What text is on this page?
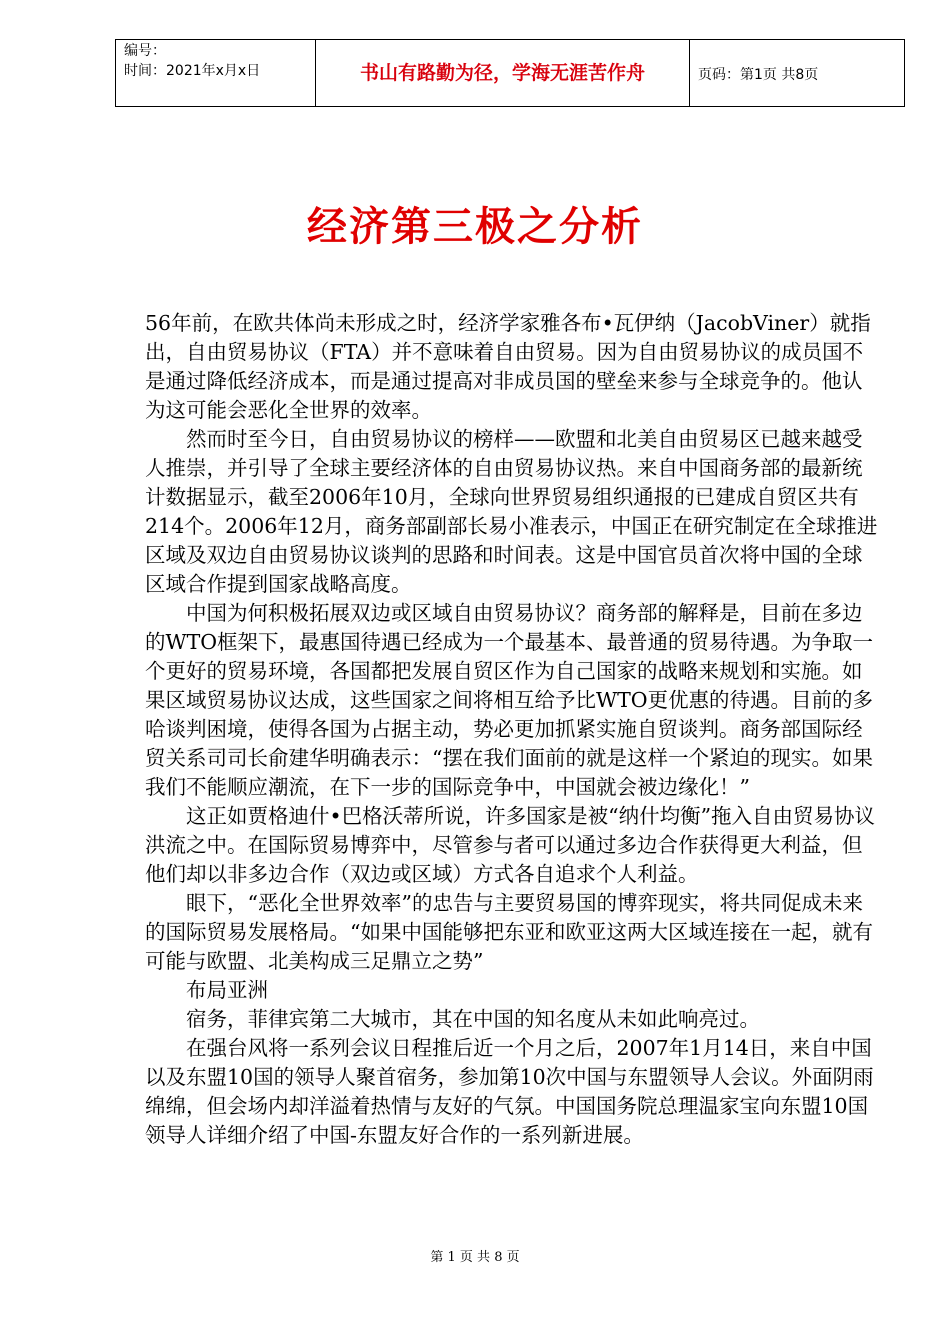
编号：
时间：2021年x月x日	书山有路勤为径，学海无涯苦作舟	页码：第1页 共8页
经济第三极之分析

56年前，在欧共体尚未形成之时，经济学家雅各布•瓦伊纳（JacobViner）就指出，自由贸易协议（FTA）并不意味着自由贸易。因为自由贸易协议的成员国不是通过降低经济成本，而是通过提高对非成员国的壁垒来参与全球竞争的。他认为这可能会恶化全世界的效率。

然而时至今日，自由贸易协议的榜样——欧盟和北美自由贸易区已越来越受人推崇，并引导了全球主要经济体的自由贸易协议热。来自中国商务部的最新统计数据显示，截至2006年10月，全球向世界贸易组织通报的已建成自贸区共有214个。2006年12月，商务部副部长易小准表示，中国正在研究制定在全球推进区域及双边自由贸易协议谈判的思路和时间表。这是中国官员首次将中国的全球区域合作提到国家战略高度。

中国为何积极拓展双边或区域自由贸易协议？商务部的解释是，目前在多边的WTO框架下，最惠国待遇已经成为一个最基本、最普通的贸易待遇。为争取一个更好的贸易环境，各国都把发展自贸区作为自己国家的战略来规划和实施。如果区域贸易协议达成，这些国家之间将相互给予比WTO更优惠的待遇。目前的多哈谈判困境，使得各国为占据主动，势必更加抓紧实施自贸谈判。商务部国际经贸关系司司长俞建华明确表示：“摆在我们面前的就是这样一个紧迫的现实。如果我们不能顺应潮流，在下一步的国际竞争中，中国就会被边缘化！”

这正如贾格迪什•巴格沃蒂所说，许多国家是被“纳什均衡”拖入自由贸易协议洪流之中。在国际贸易博弈中，尽管参与者可以通过多边合作获得更大利益，但他们却以非多边合作（双边或区域）方式各自追求个人利益。

眼下，“恶化全世界效率”的忠告与主要贸易国的博弈现实，将共同促成未来的国际贸易发展格局。“如果中国能够把东亚和欧亚这两大区域连接在一起，就有可能与欧盟、北美构成三足鼎立之势”

布局亚洲

宿务，菲律宾第二大城市，其在中国的知名度从未如此响亮过。

在强台风将一系列会议日程推后近一个月之后，2007年1月14日，来自中国以及东盟10国的领导人聚首宿务，参加第10次中国与东盟领导人会议。外面阴雨绵绵，但会场内却洋溢着热情与友好的气氛。中国国务院总理温家宝向东盟10国领导人详细介绍了中国-东盟友好合作的一系列新进展。

第 1 页 共 8 页
